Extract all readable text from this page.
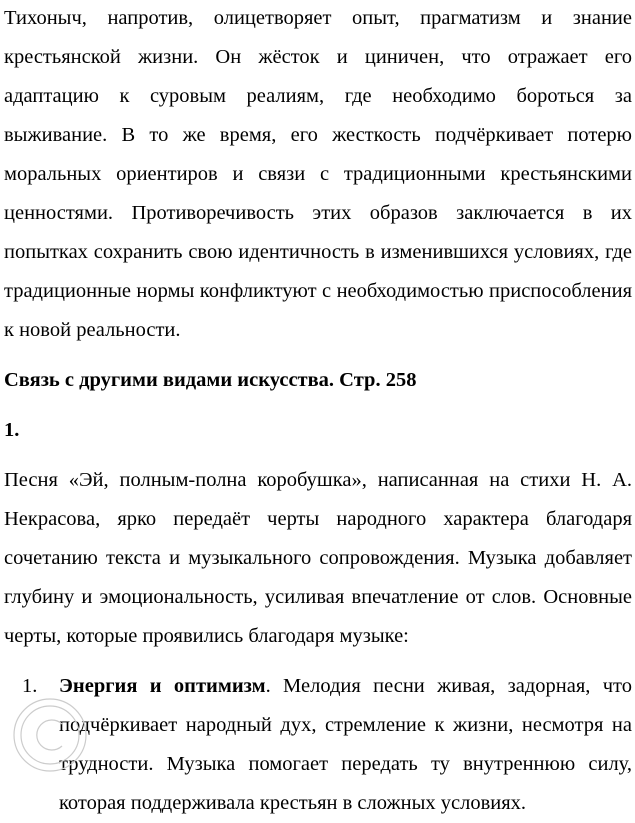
Тихоныч, напротив, олицетворяет опыт, прагматизм и знание крестьянской жизни. Он жёсток и циничен, что отражает его адаптацию к суровым реалиям, где необходимо бороться за выживание. В то же время, его жесткость подчёркивает потерю моральных ориентиров и связи с традиционными крестьянскими ценностями. Противоречивость этих образов заключается в их попытках сохранить свою идентичность в изменившихся условиях, где традиционные нормы конфликтуют с необходимостью приспособления к новой реальности.

Связь с другими видами искусства. Стр. 258

1.

Песня «Эй, полным-полна коробушка», написанная на стихи Н. А. Некрасова, ярко передаёт черты народного характера благодаря сочетанию текста и музыкального сопровождения. Музыка добавляет глубину и эмоциональность, усиливая впечатление от слов. Основные черты, которые проявились благодаря музыке:

1. Энергия и оптимизм. Мелодия песни живая, задорная, что подчёркивает народный дух, стремление к жизни, несмотря на трудности. Музыка помогает передать ту внутреннюю силу, которая поддерживала крестьян в сложных условиях.
